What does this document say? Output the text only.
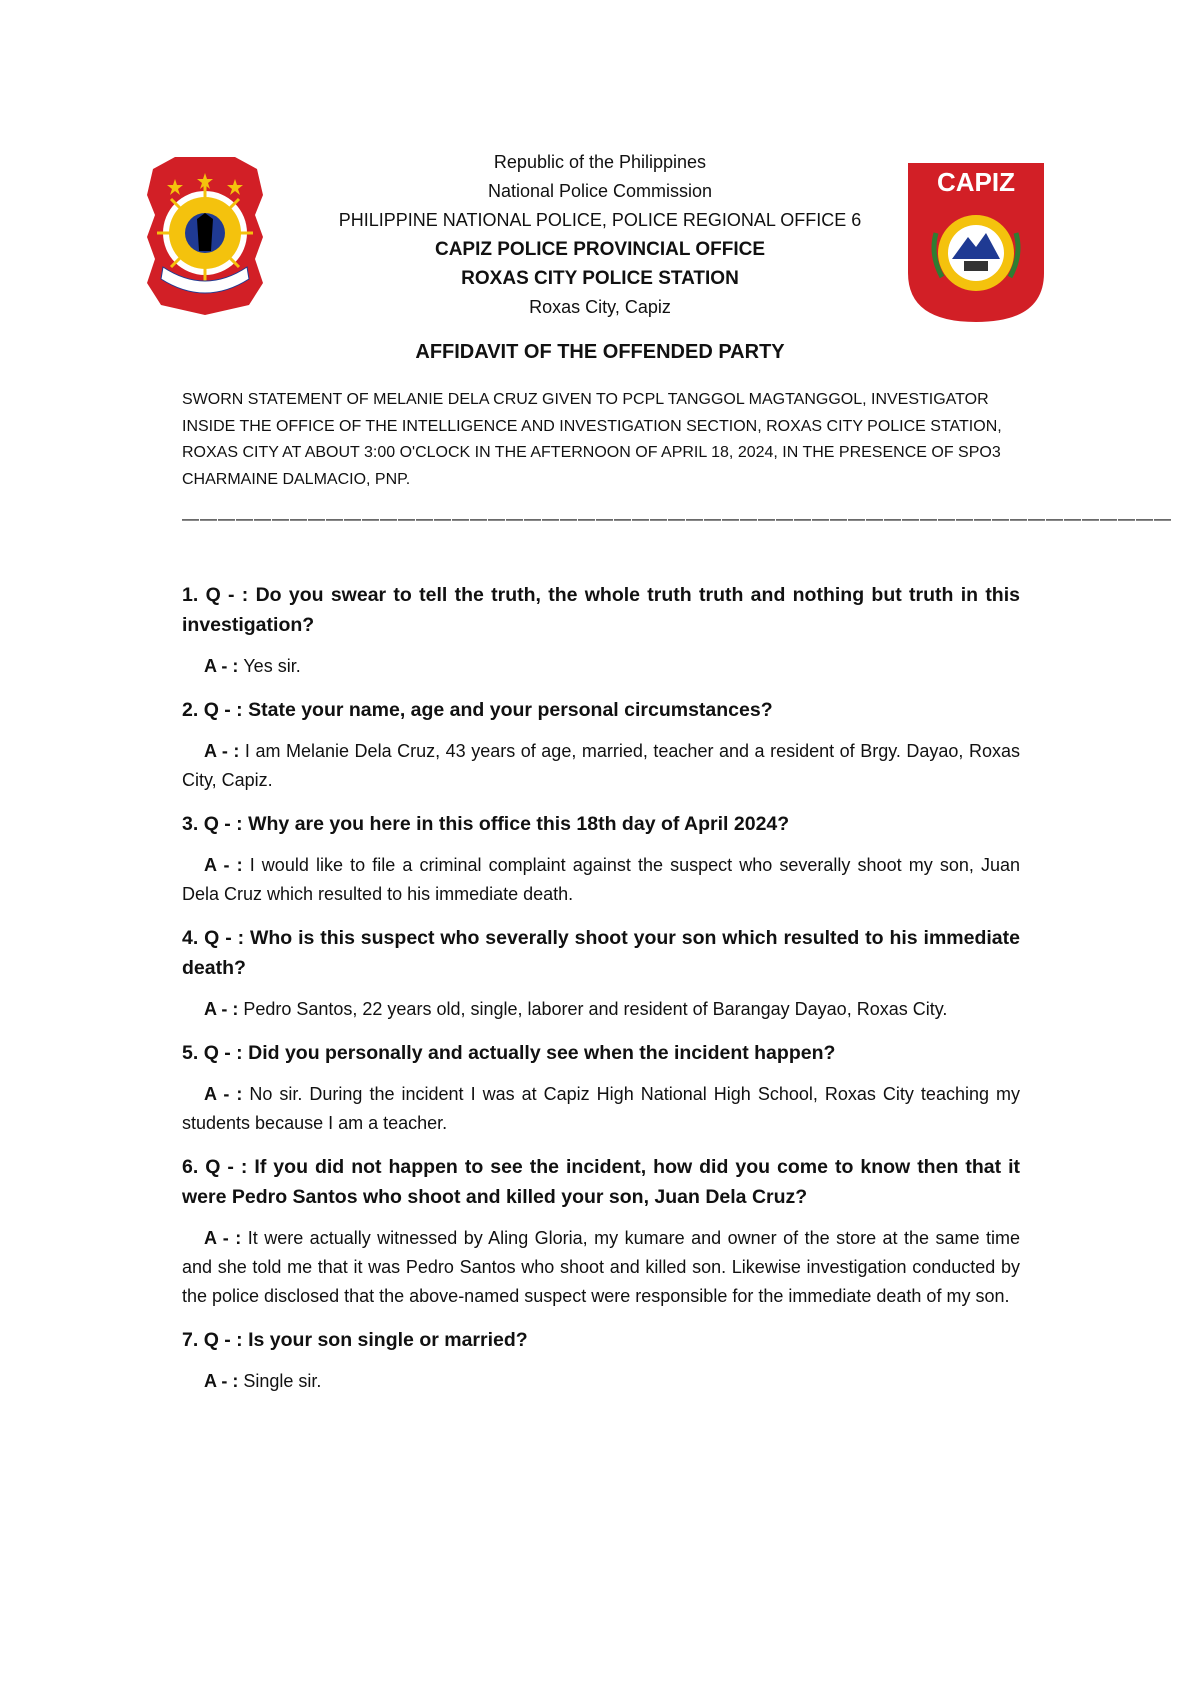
CAPIZ
Republic of the Philippines
National Police Commission
PHILIPPINE NATIONAL POLICE, POLICE REGIONAL OFFICE 6
CAPIZ POLICE PROVINCIAL OFFICE
ROXAS CITY POLICE STATION
Roxas City, Capiz
AFFIDAVIT OF THE OFFENDED PARTY
SWORN STATEMENT OF MELANIE DELA CRUZ GIVEN TO PCPL TANGGOL MAGTANGGOL, INVESTIGATOR INSIDE THE OFFICE OF THE INTELLIGENCE AND INVESTIGATION SECTION, ROXAS CITY POLICE STATION, ROXAS CITY AT ABOUT 3:00 O'CLOCK IN THE AFTERNOON OF APRIL 18, 2024, IN THE PRESENCE OF SPO3 CHARMAINE DALMACIO, PNP.
———————————————————————————————————————————————————————
1. Q - : Do you swear to tell the truth, the whole truth truth and nothing but truth in this investigation?
A - : Yes sir.
2. Q - : State your name, age and your personal circumstances?
A - : I am Melanie Dela Cruz, 43 years of age, married, teacher and a resident of Brgy. Dayao, Roxas City, Capiz.
3. Q - : Why are you here in this office this 18th day of April 2024?
A - : I would like to file a criminal complaint against the suspect who severally shoot my son, Juan Dela Cruz which resulted to his immediate death.
4. Q - : Who is this suspect who severally shoot your son which resulted to his immediate death?
A - : Pedro Santos, 22 years old, single, laborer and resident of Barangay Dayao, Roxas City.
5. Q - : Did you personally and actually see when the incident happen?
A - : No sir. During the incident I was at Capiz High National High School, Roxas City teaching my students because I am a teacher.
6. Q - : If you did not happen to see the incident, how did you come to know then that it were Pedro Santos who shoot and killed your son, Juan Dela Cruz?
A - : It were actually witnessed by Aling Gloria, my kumare and owner of the store at the same time and she told me that it was Pedro Santos who shoot and killed son. Likewise investigation conducted by the police disclosed that the above-named suspect were responsible for the immediate death of my son.
7. Q - : Is your son single or married?
A - : Single sir.
